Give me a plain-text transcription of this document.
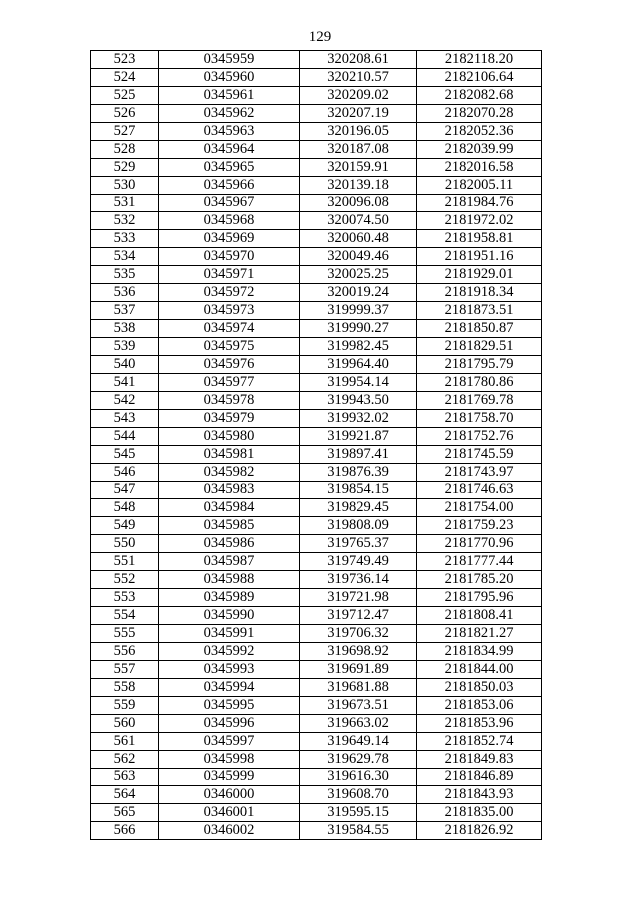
129
523	0345959	320208.61	2182118.20
524	0345960	320210.57	2182106.64
525	0345961	320209.02	2182082.68
526	0345962	320207.19	2182070.28
527	0345963	320196.05	2182052.36
528	0345964	320187.08	2182039.99
529	0345965	320159.91	2182016.58
530	0345966	320139.18	2182005.11
531	0345967	320096.08	2181984.76
532	0345968	320074.50	2181972.02
533	0345969	320060.48	2181958.81
534	0345970	320049.46	2181951.16
535	0345971	320025.25	2181929.01
536	0345972	320019.24	2181918.34
537	0345973	319999.37	2181873.51
538	0345974	319990.27	2181850.87
539	0345975	319982.45	2181829.51
540	0345976	319964.40	2181795.79
541	0345977	319954.14	2181780.86
542	0345978	319943.50	2181769.78
543	0345979	319932.02	2181758.70
544	0345980	319921.87	2181752.76
545	0345981	319897.41	2181745.59
546	0345982	319876.39	2181743.97
547	0345983	319854.15	2181746.63
548	0345984	319829.45	2181754.00
549	0345985	319808.09	2181759.23
550	0345986	319765.37	2181770.96
551	0345987	319749.49	2181777.44
552	0345988	319736.14	2181785.20
553	0345989	319721.98	2181795.96
554	0345990	319712.47	2181808.41
555	0345991	319706.32	2181821.27
556	0345992	319698.92	2181834.99
557	0345993	319691.89	2181844.00
558	0345994	319681.88	2181850.03
559	0345995	319673.51	2181853.06
560	0345996	319663.02	2181853.96
561	0345997	319649.14	2181852.74
562	0345998	319629.78	2181849.83
563	0345999	319616.30	2181846.89
564	0346000	319608.70	2181843.93
565	0346001	319595.15	2181835.00
566	0346002	319584.55	2181826.92
